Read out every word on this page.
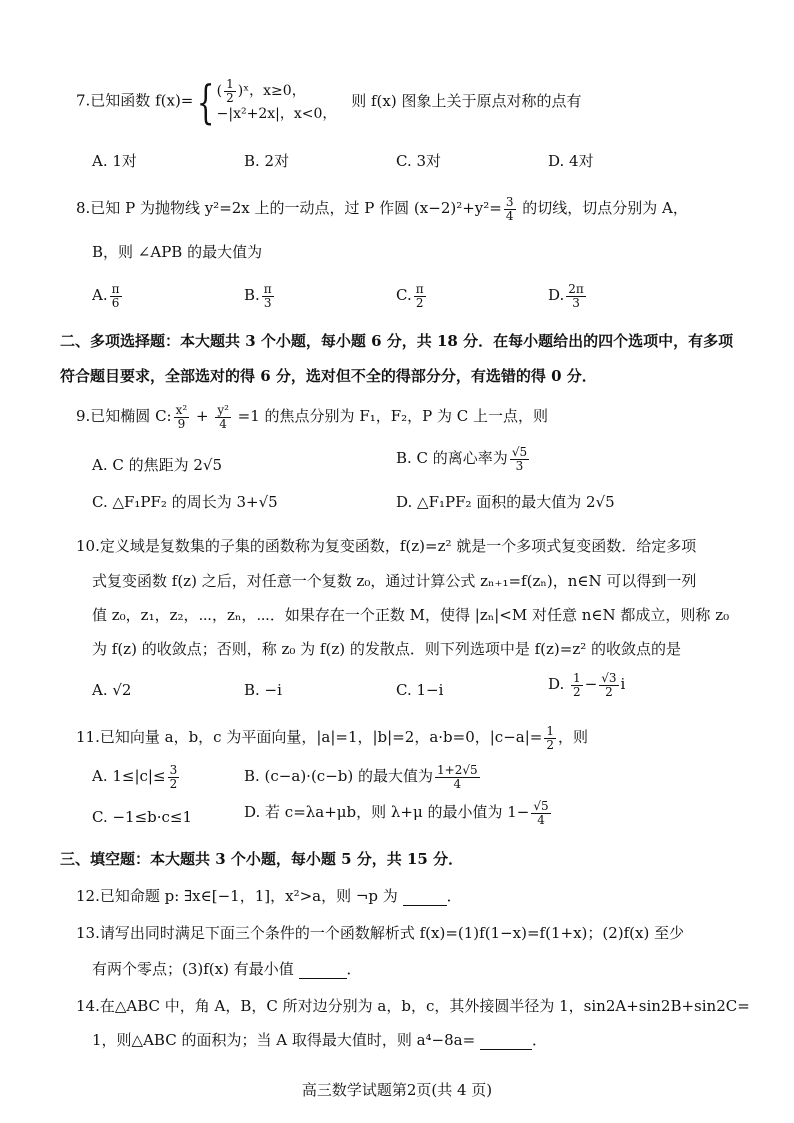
7.已知函数 f(x)={ ( $\frac{1}{2}$ )ˣ，x≥0，
−|x²+2x|，x<0，
则 f(x) 图象上关于原点对称的点有
A. 1对	B. 2对	C. 3对	D. 4对
8.已知 P 为抛物线 y²=2x 上的一动点，过 P 作圆 $(x-2)^2+y^2= \frac{3}{4}$ 的切线，切点分别为 A，
B，则 ∠APB 的最大值为
A. $\frac{\pi}{6}$	B. $\frac{\pi}{3}$	C. $\frac{\pi}{2}$	D. $\frac{2\pi}{3}$
二、多项选择题：本大题共 3 个小题，每小题 6 分，共 18 分．在每小题给出的四个选项中，有多项
符合题目要求，全部选对的得 6 分，选对但不全的得部分分，有选错的得 0 分．
9.已知椭圆 C: $\frac{\text{x²}}{9} + \frac{\text{y²}}{4} =1$ 的焦点分别为 F₁，F₂，P 为 C 上一点，则
A. C 的焦距为 2√5	B. C 的离心率为 $\frac{√5}{3}$
C. △F₁PF₂ 的周长为 3+√5	D. △F₁PF₂ 面积的最大值为 2√5
10.定义域是复数集的子集的函数称为复变函数，f(z)=z² 就是一个多项式复变函数．给定多项
式复变函数 f(z) 之后，对任意一个复数 z₀，通过计算公式 zₙ₊₁=f(zₙ)，n∈N 可以得到一列
值 z₀，z₁，z₂，⋯，zₙ，⋯．如果存在一个正数 M，使得 |zₙ|<M 对任意 n∈N 都成立，则称 z₀
为 f(z) 的收敛点；否则，称 z₀ 为 f(z) 的发散点．则下列选项中是 f(z)=z² 的收敛点的是
A. √2	B. −i	C. 1−i	D. $\frac{1}{2} - \frac{√3}{2}$ i
11.已知向量 a，b，c 为平面向量，|a|=1，|b|=2，a·b=0，$|c-a|= \frac{1}{2}$ ，则
A. $1\le|c|\le \frac{3}{2}$	B. (c−a)·(c−b) 的最大值为 $\frac{1+2√5}{4}$
C. −1≤b·c≤1	D. 若 c=λa+μb，则 λ+μ 的最小值为 $1- \frac{√5}{4}$
三、填空题：本大题共 3 个小题，每小题 5 分，共 15 分．
12.已知命题 p: ∃x∈[−1，1]，x²>a，则 ¬p 为	．
13.请写出同时满足下面三个条件的一个函数解析式 f(x)=(1)f(1−x)=f(1+x)；(2)f(x) 至少
有两个零点；(3)f(x) 有最小值	．
14.在△ABC 中，角 A，B，C 所对边分别为 a，b，c，其外接圆半径为 1，sin2A+sin2B+sin2C=
1，则△ABC 的面积为；当 A 取得最大值时，则 a⁴−8a=	．
高三数学试题第2页(共 4 页)
